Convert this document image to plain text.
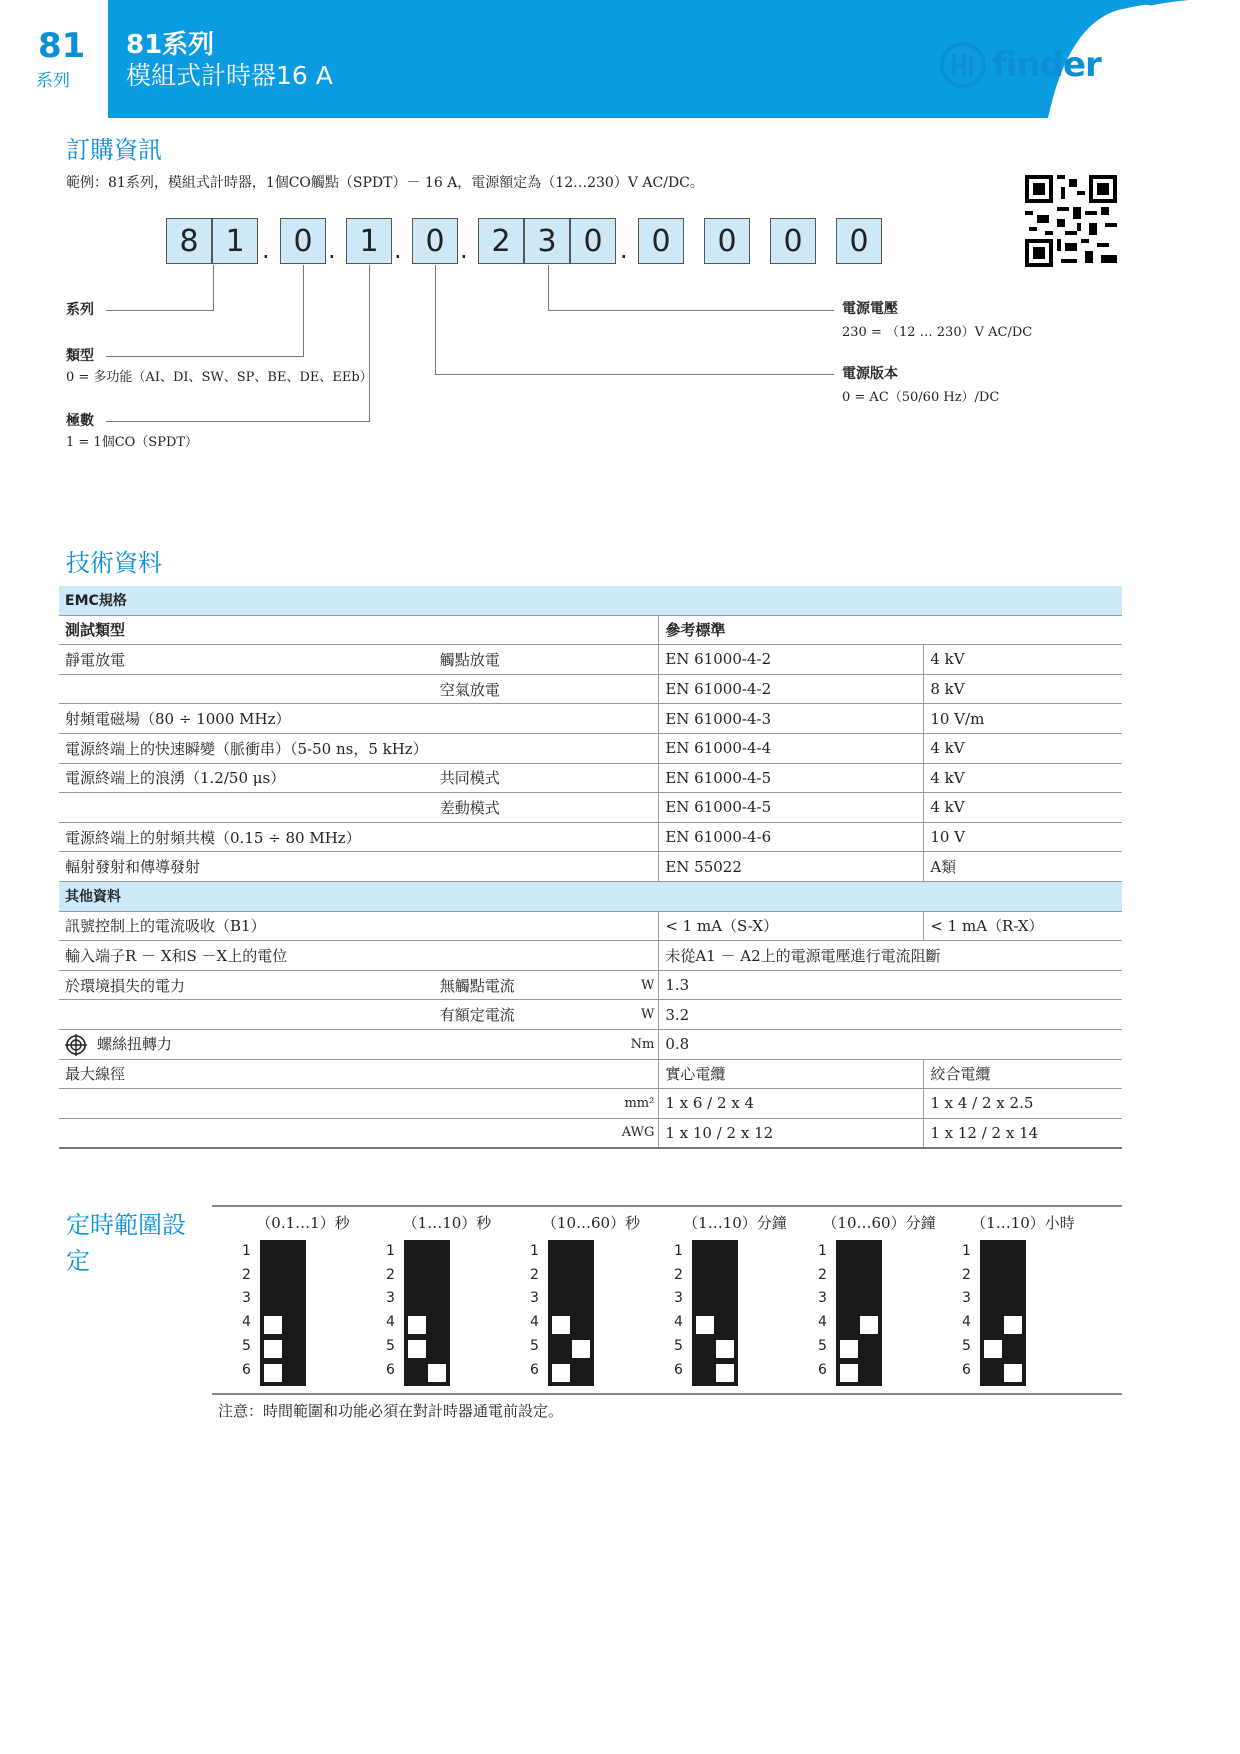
81
系列
81系列
模組式計時器16 A	finder
訂購資訊
範例：81系列，模組式計時器，1個CO觸點（SPDT）－ 16 A，電源額定為（12…230）V AC/DC。
8 1 . 0 . 1 . 0 . 2 3 0 . 0	0	0	0
系列
類型
0 = 多功能（AI、DI、SW、SP、BE、DE、EEb）
極數
1 = 1個CO（SPDT）
電源電壓
230 = （12 … 230）V AC/DC
電源版本
0 = AC（50/60 Hz）/DC
技術資料
EMC規格				
測試類型			參考標準	
靜電放電	觸點放電		EN 61000-4-2	4 kV
	空氣放電		EN 61000-4-2	8 kV
射頻電磁場（80 ÷ 1000 MHz）			EN 61000-4-3	10 V/m
電源終端上的快速瞬變（脈衝串）（5-50 ns，5 kHz）			EN 61000-4-4	4 kV
電源終端上的浪湧（1.2/50 μs）	共同模式		EN 61000-4-5	4 kV
	差動模式		EN 61000-4-5	4 kV
電源終端上的射頻共模（0.15 ÷ 80 MHz）			EN 61000-4-6	10 V
輻射發射和傳導發射			EN 55022	A類
其他資料				
訊號控制上的電流吸收（B1）			< 1 mA（S-X）	< 1 mA（R-X）
輸入端子R － X和S －X上的電位			未從A1 － A2上的電源電壓進行電流阻斷	
於環境損失的電力	無觸點電流	W	1.3	
	有額定電流	W	3.2	
螺絲扭轉力		Nm	0.8	
最大線徑			實心電纜	絞合電纜
		mm²	1 x 6 / 2 x 4	1 x 4 / 2 x 2.5
		AWG	1 x 10 / 2 x 12	1 x 12 / 2 x 14
定時範圍設定
（0.1…1）秒
1
2
3
4
5
6
（1…10）秒
1
2
3
4
5
6
（10…60）秒
1
2
3
4
5
6
（1…10）分鐘
1
2
3
4
5
6
（10…60）分鐘
1
2
3
4
5
6
（1…10）小時
1
2
3
4
5
6
注意：時間範圍和功能必須在對計時器通電前設定。
